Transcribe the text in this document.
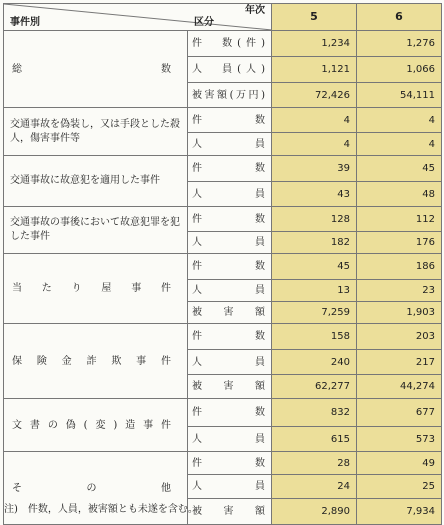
年次
区分
事件別		5	6
総　　　　　数	件　数(件)	1,234	1,276
	人　員(人)	1,121	1,066
	被害額(万円)	72,426	54,111
交通事故を偽装し，又は手段とした殺人，傷害事件等	件　　数	4	4
	人　　員	4	4
交通事故に故意犯を適用した事件	件　　数	39	45
	人　　員	43	48
交通事故の事後において故意犯罪を犯した事件	件　　数	128	112
	人　　員	182	176
当たり屋事件	件　　数	45	186
	人　　員	13	23
	被　害　額	7,259	1,903
保険金詐欺事件	件　　数	158	203
	人　　員	240	217
	被　害　額	62,277	44,274
文書の偽(変)造事件	件　　数	832	677
	人　　員	615	573
そ　の　他	件　　数	28	49
	人　　員	24	25
	被　害　額	2,890	7,934
注) 件数，人員，被害額とも未遂を含む。
